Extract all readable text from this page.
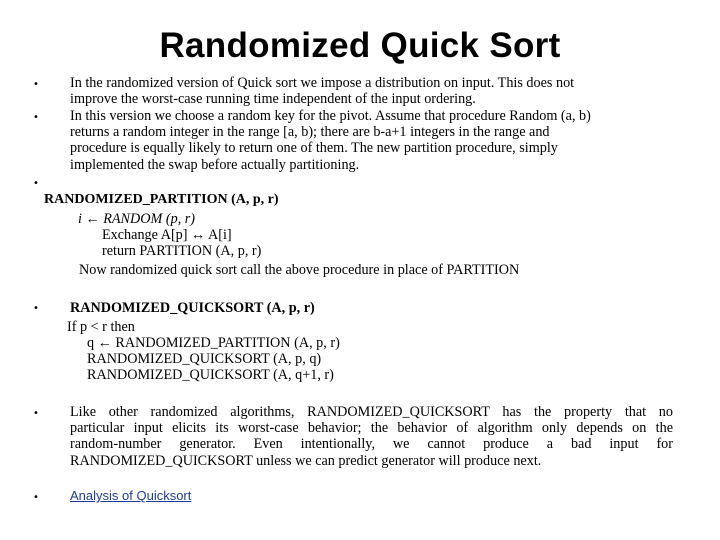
Randomized Quick Sort
• In the randomized version of Quick sort we impose a distribution on input. This does not
improve the worst-case running time independent of the input ordering.
• In this version we choose a random key for the pivot. Assume that procedure Random (a, b)
returns a random integer in the range [a, b); there are b-a+1 integers in the range and
procedure is equally likely to return one of them. The new partition procedure, simply
implemented the swap before actually partitioning.
•
RANDOMIZED_PARTITION (A, p, r)
i ← RANDOM (p, r)
Exchange A[p] ↔ A[i]
return PARTITION (A, p, r)
Now randomized quick sort call the above procedure in place of PARTITION
• RANDOMIZED_QUICKSORT (A, p, r)
If p < r then
q ← RANDOMIZED_PARTITION (A, p, r)
RANDOMIZED_QUICKSORT (A, p, q)
RANDOMIZED_QUICKSORT (A, q+1, r)
• Like other randomized algorithms, RANDOMIZED_QUICKSORT has the property that no
particular input elicits its worst-case behavior; the behavior of algorithm only depends on the
random-number generator. Even intentionally, we cannot produce a bad input for
RANDOMIZED_QUICKSORT unless we can predict generator will produce next.
• Analysis of Quicksort
